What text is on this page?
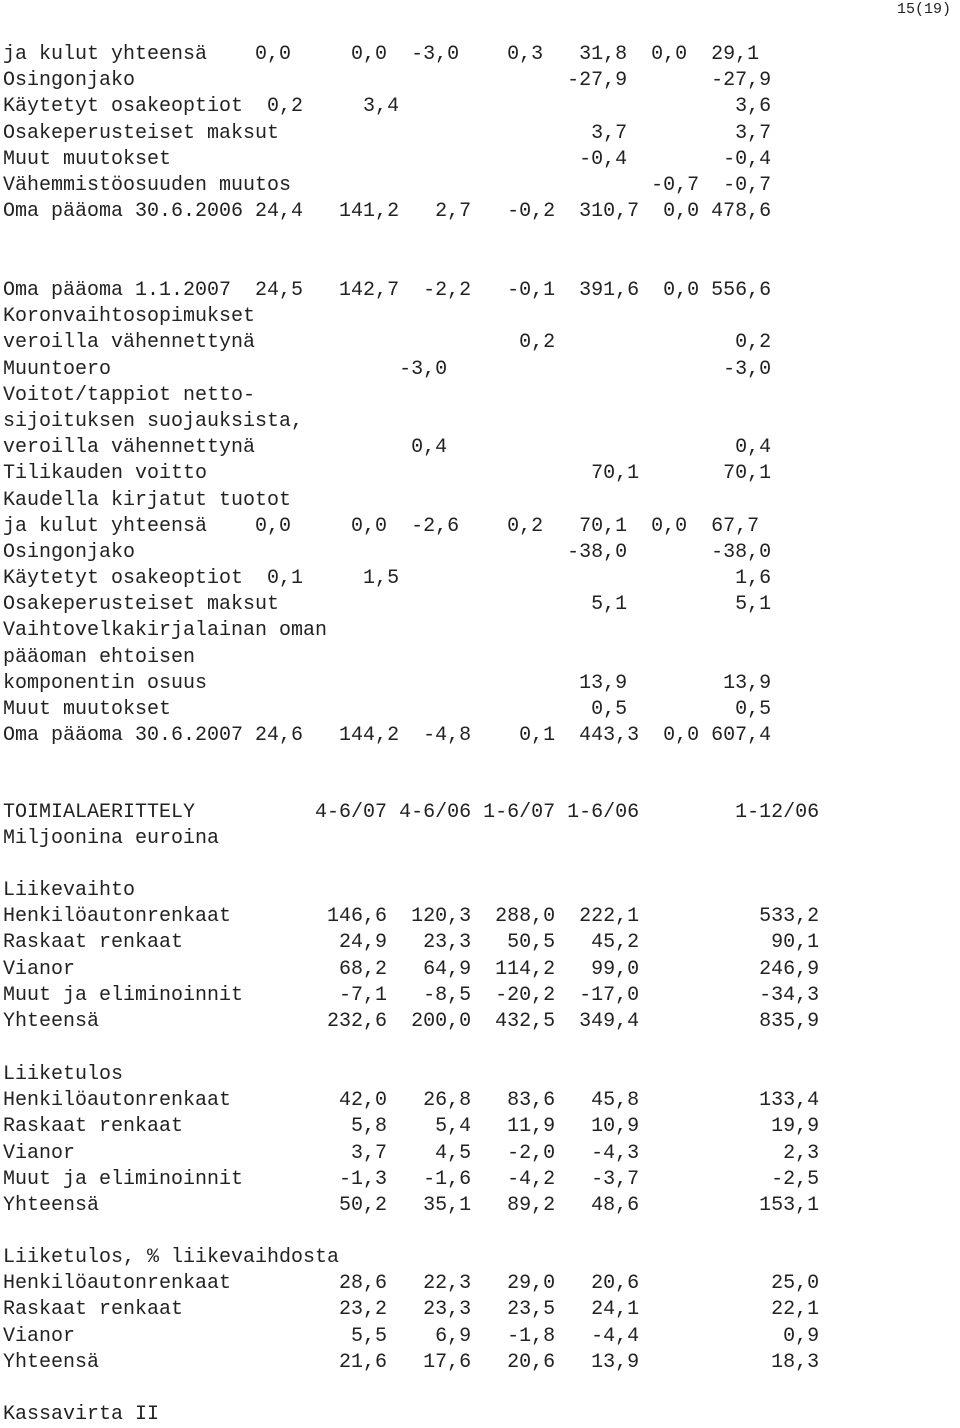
15(19)
ja kulut yhteensä    0,0     0,0  -3,0    0,3   31,8  0,0  29,1
Osingonjako                                    -27,9       -27,9
Käytetyt osakeoptiot  0,2     3,4                            3,6
Osakeperusteiset maksut                          3,7         3,7
Muut muutokset                                  -0,4        -0,4
Vähemmistöosuuden muutos                              -0,7  -0,7
Oma pääoma 30.6.2006 24,4   141,2   2,7   -0,2  310,7  0,0 478,6
Oma pääoma 1.1.2007  24,5   142,7  -2,2   -0,1  391,6  0,0 556,6
Koronvaihtosopimukset
veroilla vähennettynä                      0,2               0,2
Muuntoero                        -3,0                       -3,0
Voitot/tappiot netto-
sijoituksen suojauksista,
veroilla vähennettynä             0,4                        0,4
Tilikauden voitto                                70,1       70,1
Kaudella kirjatut tuotot
ja kulut yhteensä    0,0     0,0  -2,6    0,2   70,1  0,0  67,7
Osingonjako                                    -38,0       -38,0
Käytetyt osakeoptiot  0,1     1,5                            1,6
Osakeperusteiset maksut                          5,1         5,1
Vaihtovelkakirjalainan oman
pääoman ehtoisen
komponentin osuus                               13,9        13,9
Muut muutokset                                   0,5         0,5
Oma pääoma 30.6.2007 24,6   144,2  -4,8    0,1  443,3  0,0 607,4
TOIMIALAERITTELY          4-6/07 4-6/06 1-6/07 1-6/06        1-12/06
Miljoonina euroina
Liikevaihto
Henkilöautonrenkaat        146,6  120,3  288,0  222,1          533,2
Raskaat renkaat             24,9   23,3   50,5   45,2           90,1
Vianor                      68,2   64,9  114,2   99,0          246,9
Muut ja eliminoinnit        -7,1   -8,5  -20,2  -17,0          -34,3
Yhteensä                   232,6  200,0  432,5  349,4          835,9
Liiketulos
Henkilöautonrenkaat         42,0   26,8   83,6   45,8          133,4
Raskaat renkaat              5,8    5,4   11,9   10,9           19,9
Vianor                       3,7    4,5   -2,0   -4,3            2,3
Muut ja eliminoinnit        -1,3   -1,6   -4,2   -3,7           -2,5
Yhteensä                    50,2   35,1   89,2   48,6          153,1
Liiketulos, % liikevaihdosta
Henkilöautonrenkaat         28,6   22,3   29,0   20,6           25,0
Raskaat renkaat             23,2   23,3   23,5   24,1           22,1
Vianor                       5,5    6,9   -1,8   -4,4            0,9
Yhteensä                    21,6   17,6   20,6   13,9           18,3
Kassavirta II
